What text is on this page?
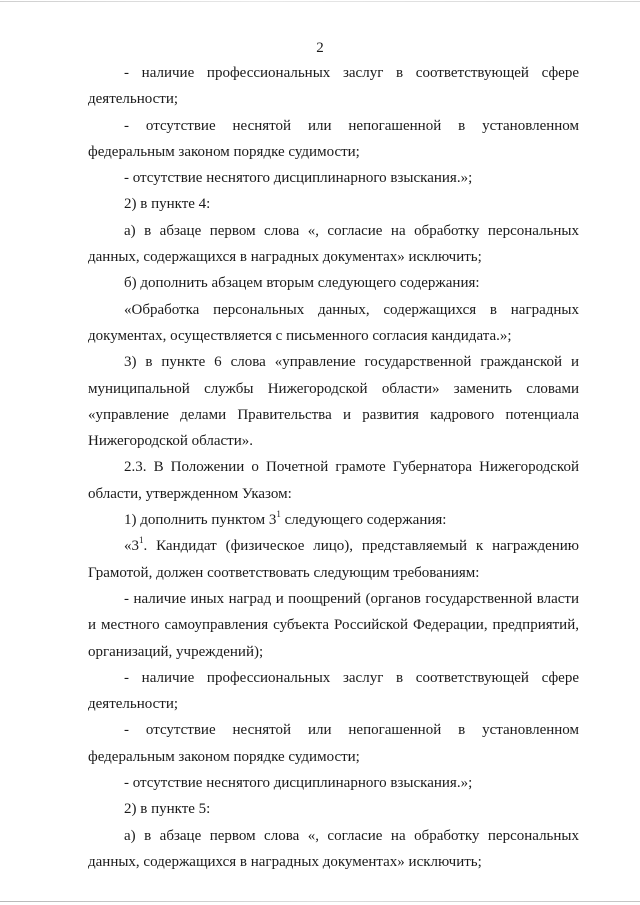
2

- наличие профессиональных заслуг в соответствующей сфере деятельности;

- отсутствие неснятой или непогашенной в установленном федеральным законом порядке судимости;

- отсутствие неснятого дисциплинарного взыскания.»;

2) в пункте 4:

а) в абзаце первом слова «, согласие на обработку персональных данных, содержащихся в наградных документах» исключить;

б) дополнить абзацем вторым следующего содержания:

«Обработка персональных данных, содержащихся в наградных документах, осуществляется с письменного согласия кандидата.»;

3) в пункте 6 слова «управление государственной гражданской и муниципальной службы Нижегородской области» заменить словами «управление делами Правительства и развития кадрового потенциала Нижегородской области».

2.3. В Положении о Почетной грамоте Губернатора Нижегородской области, утвержденном Указом:

1) дополнить пунктом $3^1$ следующего содержания:

«$3^1$. Кандидат (физическое лицо), представляемый к награждению Грамотой, должен соответствовать следующим требованиям:

- наличие иных наград и поощрений (органов государственной власти и местного самоуправления субъекта Российской Федерации, предприятий, организаций, учреждений);

- наличие профессиональных заслуг в соответствующей сфере деятельности;

- отсутствие неснятой или непогашенной в установленном федеральным законом порядке судимости;

- отсутствие неснятого дисциплинарного взыскания.»;

2) в пункте 5:

а) в абзаце первом слова «, согласие на обработку персональных данных, содержащихся в наградных документах» исключить;
